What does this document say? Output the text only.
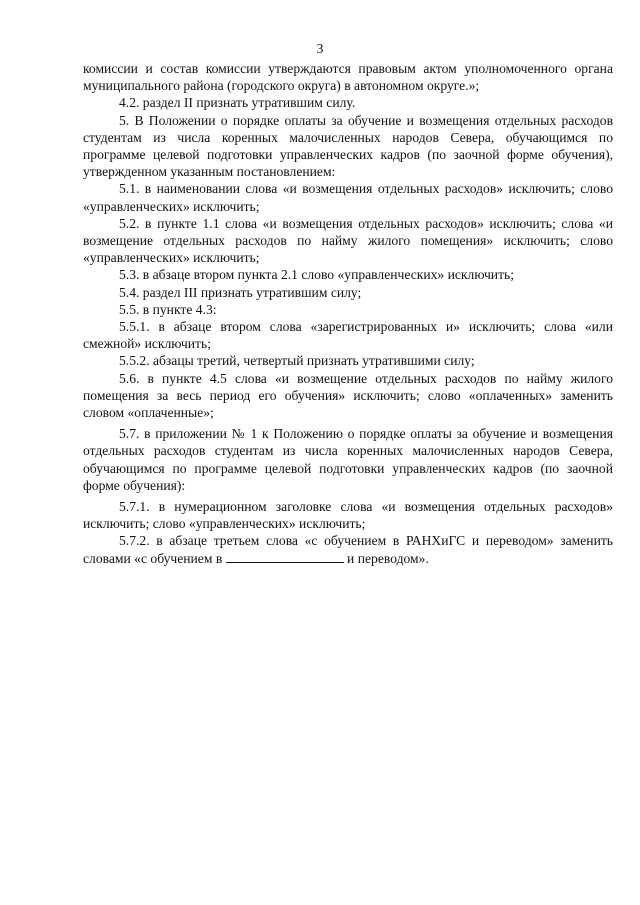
3

комиссии и состав комиссии утверждаются правовым актом уполномоченного органа муниципального района (городского округа) в автономном округе.»;

4.2. раздел II признать утратившим силу.

5. В Положении о порядке оплаты за обучение и возмещения отдельных расходов студентам из числа коренных малочисленных народов Севера, обучающимся по программе целевой подготовки управленческих кадров (по заочной форме обучения), утвержденном указанным постановлением:

5.1. в наименовании слова «и возмещения отдельных расходов» исключить; слово «управленческих» исключить;

5.2. в пункте 1.1 слова «и возмещения отдельных расходов» исключить; слова «и возмещение отдельных расходов по найму жилого помещения» исключить; слово «управленческих» исключить;

5.3. в абзаце втором пункта 2.1 слово «управленческих» исключить;

5.4. раздел III признать утратившим силу;

5.5. в пункте 4.3:

5.5.1. в абзаце втором слова «зарегистрированных и» исключить; слова «или смежной» исключить;

5.5.2. абзацы третий, четвертый признать утратившими силу;

5.6. в пункте 4.5 слова «и возмещение отдельных расходов по найму жилого помещения за весь период его обучения» исключить; слово «оплаченных» заменить словом «оплаченные»;

5.7. в приложении № 1 к Положению о порядке оплаты за обучение и возмещения отдельных расходов студентам из числа коренных малочисленных народов Севера, обучающимся по программе целевой подготовки управленческих кадров (по заочной форме обучения):

5.7.1. в нумерационном заголовке слова «и возмещения отдельных расходов» исключить; слово «управленческих» исключить;

5.7.2. в абзаце третьем слова «с обучением в РАНХиГС и переводом» заменить словами «с обучением в	и переводом».
